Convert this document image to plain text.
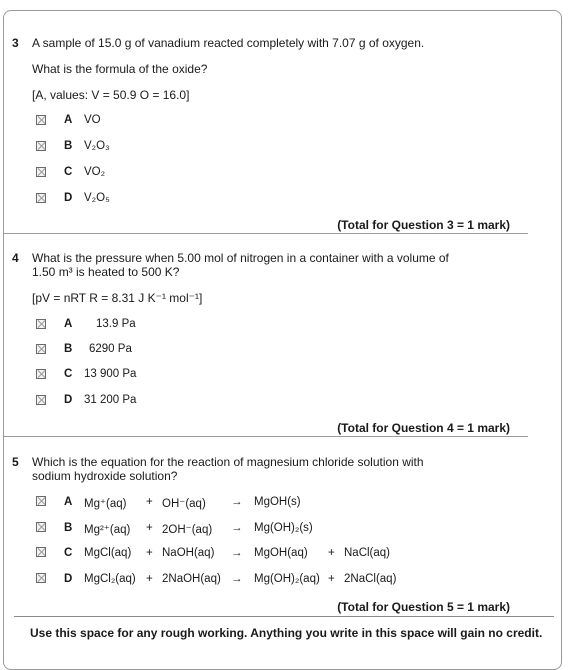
3 A sample of 15.0 g of vanadium reacted completely with 7.07 g of oxygen.
What is the formula of the oxide?
[A, values: V = 50.9 O = 16.0]
A VO
B V₂O₃
C VO₂
D V₂O₅
(Total for Question 3 = 1 mark)
4 What is the pressure when 5.00 mol of nitrogen in a container with a volume of
1.50 m³ is heated to 500 K?
[pV = nRT R = 8.31 J K⁻¹ mol⁻¹]
A 13.9 Pa
B 6290 Pa
C 13 900 Pa
D 31 200 Pa
(Total for Question 4 = 1 mark)
5 Which is the equation for the reaction of magnesium chloride solution with
sodium hydroxide solution?
A Mg⁺(aq) + OH⁻(aq) → MgOH(s)
B Mg²⁺(aq) + 2OH⁻(aq) → Mg(OH)₂(s)
C MgCl(aq) + NaOH(aq) → MgOH(aq) + NaCl(aq)
D MgCl₂(aq) + 2NaOH(aq) → Mg(OH)₂(aq) + 2NaCl(aq)
(Total for Question 5 = 1 mark)
Use this space for any rough working. Anything you write in this space will gain no credit.
